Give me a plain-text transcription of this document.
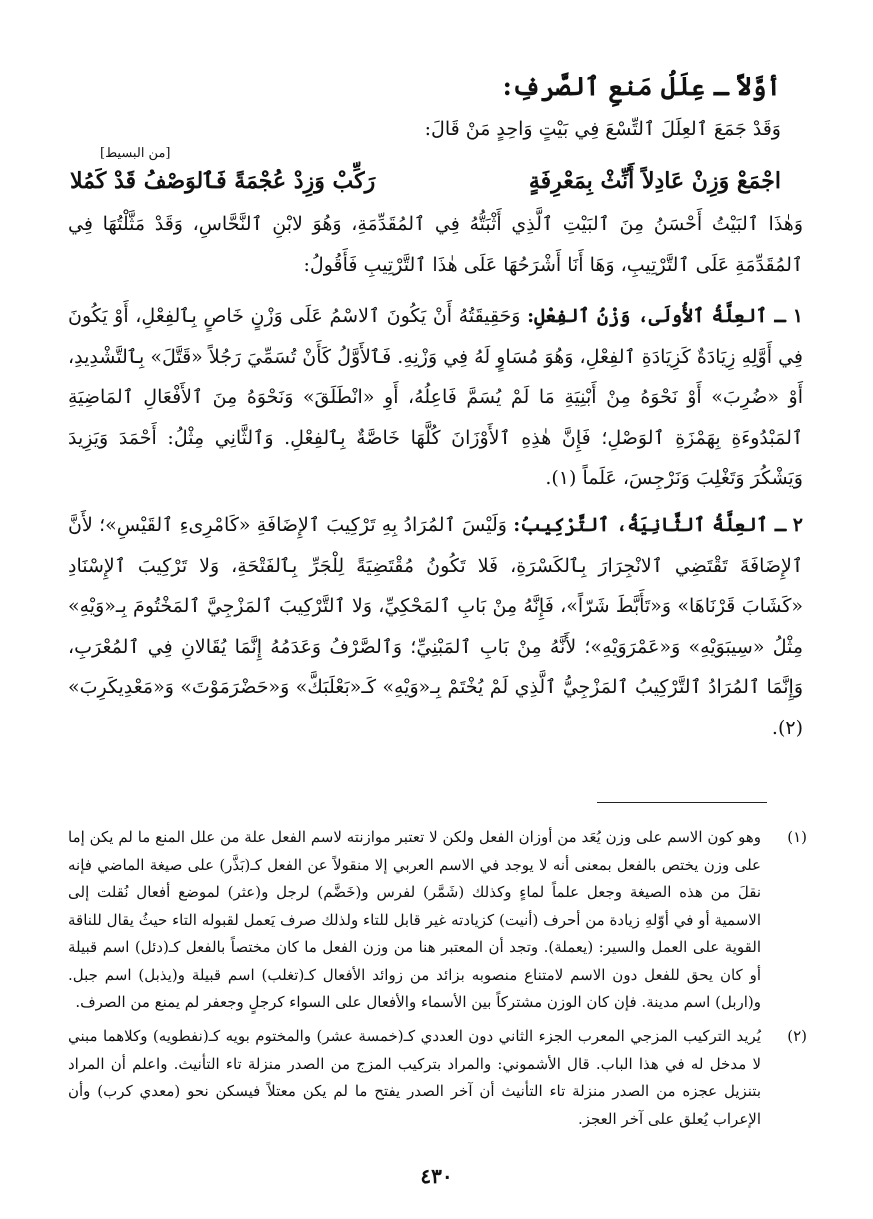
أوَّلاً ـ عِلَلُ مَنعِ ٱلصَّرفِ:
وَقَدْ جَمَعَ ٱلعِلَلَ ٱلتِّسْعَ فِي بَيْتٍ وَاحِدٍ مَنْ قَالَ:
[من البسيط]
اجْمَعْ وَزِنْ عَادِلاً أَنِّثْ بِمَعْرِفَةٍ
رَكِّبْ وَزِدْ عُجْمَةً فَٱلوَصْفُ قَدْ كَمُلا
وَهٰذَا ٱلبَيْتُ أَحْسَنُ مِنَ ٱلبَيْتِ ٱلَّذِي أَثْبَتُّهُ فِي ٱلمُقَدِّمَةِ، وَهُوَ لابْنِ ٱلنَّحَّاسِ، وَقَدْ مَثَّلْتُهَا فِي ٱلمُقَدِّمَةِ عَلَى ٱلتَّرْتِيبِ، وَهَا أَنَا أَشْرَحُهَا عَلَى هٰذَا ٱلتَّرْتِيبِ فَأَقُولُ:
١ ـ ٱلعِلَّةُ ٱلأُولَى، وَزْنُ ٱلفِعْلِ: وَحَقِيقَتُهُ أَنْ يَكُونَ ٱلاسْمُ عَلَى وَزْنٍ خَاصٍ بِٱلفِعْلِ، أَوْ يَكُونَ فِي أَوَّلِهِ زِيَادَةٌ كَزِيَادَةِ ٱلفِعْلِ، وَهُوَ مُسَاوٍ لَهُ فِي وَزْنِهِ. فَٱلأَوَّلُ كَأَنْ تُسَمِّيَ رَجُلاً «قَتَّلَ» بِٱلتَّشْدِيدِ، أَوْ «ضُرِبَ» أَوْ نَحْوَهُ مِنْ أَبْنِيَةِ مَا لَمْ يُسَمَّ فَاعِلُهُ، أَوِ «انْطَلَقَ» وَنَحْوَهُ مِنَ ٱلأَفْعَالِ ٱلمَاضِيَةِ ٱلمَبْدُوءَةِ بِهَمْزَةِ ٱلوَصْلِ؛ فَإِنَّ هٰذِهِ ٱلأَوْزَانَ كُلَّهَا خَاصَّةٌ بِٱلفِعْلِ. وَٱلثَّانِي مِثْلُ: أَحْمَدَ وَيَزِيدَ وَيَشْكُرَ وَتَغْلِبَ وَنَرْجِسَ، عَلَماً (١).
٢ ـ ٱلعِلَّةُ ٱلثَّانِيَةُ، ٱلتَّرْكِيبُ: وَلَيْسَ ٱلمُرَادُ بِهِ تَرْكِيبَ ٱلإِضَافَةِ «كَامْرِىءِ ٱلقَيْسِ»؛ لأَنَّ ٱلإِضَافَةَ تَقْتَضِي ٱلانْجِرَارَ بِٱلكَسْرَةِ، فَلا تَكُونُ مُقْتَضِيَةً لِلْجَرِّ بِٱلفَتْحَةِ، وَلا تَرْكِيبَ ٱلإِسْنَادِ «كَشَابَ قَرْنَاهَا» وَ«تَأَبَّطَ شَرّاً»، فَإِنَّهُ مِنْ بَابِ ٱلمَحْكِيِّ، وَلا ٱلتَّرْكِيبَ ٱلمَزْجِيَّ ٱلمَخْتُومَ بِـ«وَيْهِ» مِثْلُ «سِيبَوَيْهِ» وَ«عَمْرَوَيْهِ»؛ لأَنَّهُ مِنْ بَابِ ٱلمَبْنِيِّ؛ وَٱلصَّرْفُ وَعَدَمُهُ إِنَّمَا يُقَالانِ فِي ٱلمُعْرَبِ، وَإِنَّمَا ٱلمُرَادُ ٱلتَّرْكِيبُ ٱلمَزْجِيُّ ٱلَّذِي لَمْ يُخْتَمْ بِـ«وَيْهِ» كَـ«بَعْلَبَكَّ» وَ«حَضْرَمَوْتَ» وَ«مَعْدِيكَرِبَ» (٢).
(١)
وهو كون الاسم على وزن يُعَد من أوزان الفعل ولكن لا تعتبر موازنته لاسم الفعل علة من علل المنع ما لم يكن إما على وزن يختص بالفعل بمعنى أنه لا يوجد في الاسم العربي إلا منقولاً عن الفعل كـ(بَذَّر) على صيغة الماضي فإنه نقلَ من هذه الصيغة وجعل علماً لماءٍ وكذلك (شَمَّر) لفرس و(خَضَّم) لرجل و(عثر) لموضع أفعال نُقلت إلى الاسمية أو في أوّلهِ زيادة من أحرف (أنيت) كزيادته غير قابل للتاء ولذلك صرف يَعمل لقبوله التاء حيثُ يقال للناقة القوية على العمل والسير: (يعملة). وتجد أن المعتبر هنا من وزن الفعل ما كان مختصاً بالفعل كـ(دئل) اسم قبيلة أو كان يحق للفعل دون الاسم لامتناع منصوبه بزائد من زوائد الأفعال كـ(تغلب) اسم قبيلة و(يذبل) اسم جبل. و(اربل) اسم مدينة. فإن كان الوزن مشتركاً بين الأسماء والأفعال على السواء كرجلٍ وجعفر لم يمنع من الصرف.
(٢)
يُريد التركيب المزجي المعرب الجزء الثاني دون العددي كـ(خمسة عشر) والمختوم بويه كـ(نفطويه) وكلاهما مبني لا مدخل له في هذا الباب. قال الأشموني: والمراد بتركيب المزج من الصدر منزلة تاء التأنيث. واعلم أن المراد بتنزيل عجزه من الصدر منزلة تاء التأنيث أن آخر الصدر يفتح ما لم يكن معتلاً فيسكن نحو (معدي كرب) وأن الإعراب يُعلق على آخر العجز.
٤٣٠
